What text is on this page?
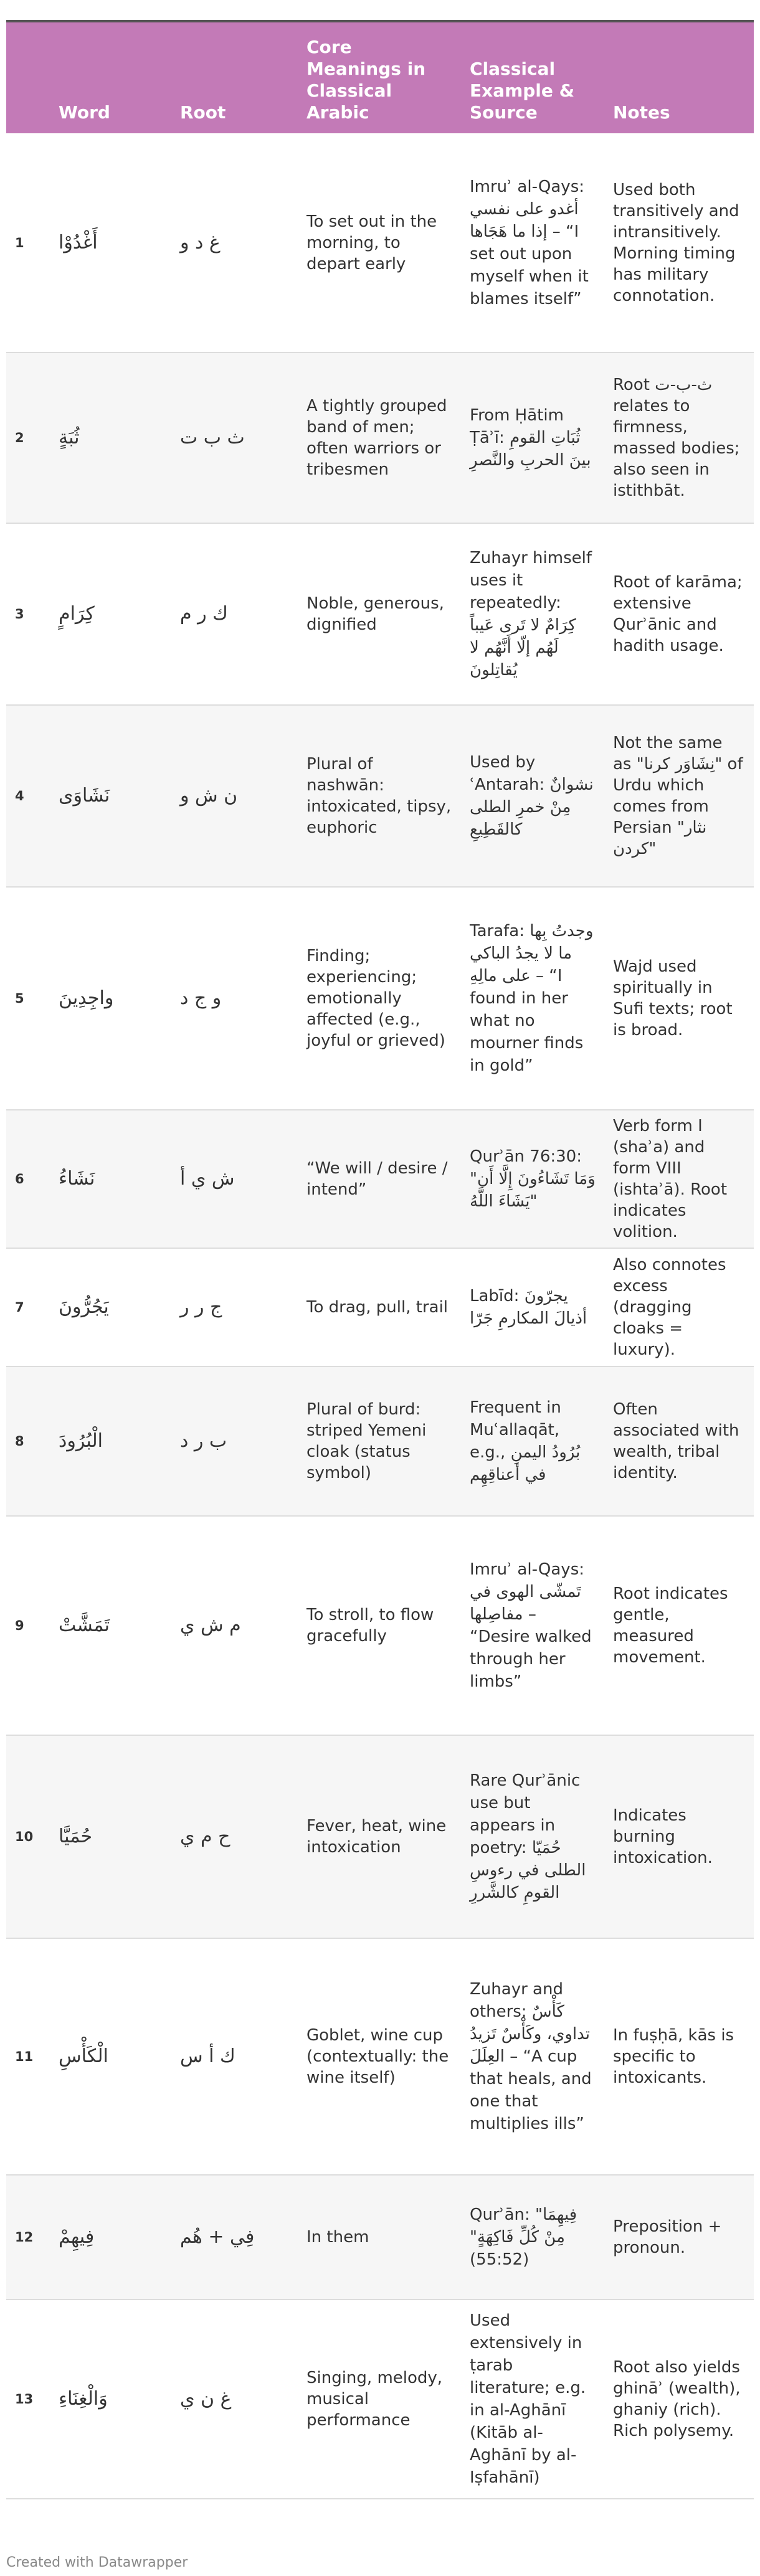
	Word	Root	Core Meanings in Classical Arabic	Classical Example & Source	Notes
1	أَغْدُوْا	غ د و	To set out in the morning, to depart early	Imruʾ al-Qays: أغدو على نفسي إذا ما هَجَاها – “I set out upon myself when it blames itself”	Used both transitively and intransitively. Morning timing has military connotation.
2	ثُبَةٍ	ث ب ت	A tightly grouped band of men; often warriors or tribesmen	From Ḥātim Ṭāʾī: ثُبَاتِ القومِ بينَ الحربِ والنَّصرِ	Root ث-ب-ت relates to firmness, massed bodies; also seen in istithbāt.
3	كِرَامٍ	ك ر م	Noble, generous, dignified	Zuhayr himself uses it repeatedly: كِرَامٌ لا تَرى عَيباً لَهُم إلّا أَنَّهُم لا يُقاتِلونَ	Root of karāma; extensive Qurʾānic and hadith usage.
4	نَشَاوَى	ن ش و	Plural of nashwān: intoxicated, tipsy, euphoric	Used by ʿAntarah: نشوانٌ مِنْ خمرِ الطلى كالقَطِيعِ	Not the same as "نِشَاوَر كرنا" of Urdu which comes from Persian "نثار كردن"
5	واجِدِينَ	و ج د	Finding; experiencing; emotionally affected (e.g., joyful or grieved)	Tarafa: وجدتُ بِها ما لا يجدُ الباكي على مالِهِ – “I found in her what no mourner finds in gold”	Wajd used spiritually in Sufi texts; root is broad.
6	نَشَاءُ	ش ي أ	“We will / desire / intend”	Qurʾān 76:30: "وَمَا تَشَاءُونَ إِلَّا أَن يَشَاءَ اللَّهُ"	Verb form I (shaʾa) and form VIII (ishtaʾā). Root indicates volition.
7	يَجُرُّونَ	ج ر ر	To drag, pull, trail	Labīd: يجرّونَ أذيالَ المكارمِ جَرّا	Also connotes excess (dragging cloaks = luxury).
8	الْبُرُودَ	ب ر د	Plural of burd: striped Yemeni cloak (status symbol)	Frequent in Muʿallaqāt, e.g., بُرُودُ اليمنِ في أعناقِهِم	Often associated with wealth, tribal identity.
9	تَمَشَّتْ	م ش ي	To stroll, to flow gracefully	Imruʾ al-Qays: تَمشّى الهوى في مفاصِلها – “Desire walked through her limbs”	Root indicates gentle, measured movement.
10	حُمَيَّا	ح م ي	Fever, heat, wine intoxication	Rare Qurʾānic use but appears in poetry: حُمَيّا الطلى في رءوسِ القومِ كالشَّررِ	Indicates burning intoxication.
11	الْكَأْسِ	ك أ س	Goblet, wine cup (contextually: the wine itself)	Zuhayr and others: كَأْسٌ تداوي، وكَأْسٌ تَزيدُ العِلَلَ – “A cup that heals, and one that multiplies ills”	In fuṣḥā, kās is specific to intoxicants.
12	فِيهِمْ	فِي + هُم	In them	Qurʾān: "فِيهِمَا مِنْ كُلِّ فَاكِهَةٍ" (55:52)	Preposition + pronoun.
13	وَالْغِنَاءِ	غ ن ي	Singing, melody, musical performance	Used extensively in ṭarab literature; e.g. in al-Aghānī (Kitāb al-Aghānī by al-Iṣfahānī)	Root also yields ghināʾ (wealth), ghaniy (rich). Rich polysemy.
Created with Datawrapper
